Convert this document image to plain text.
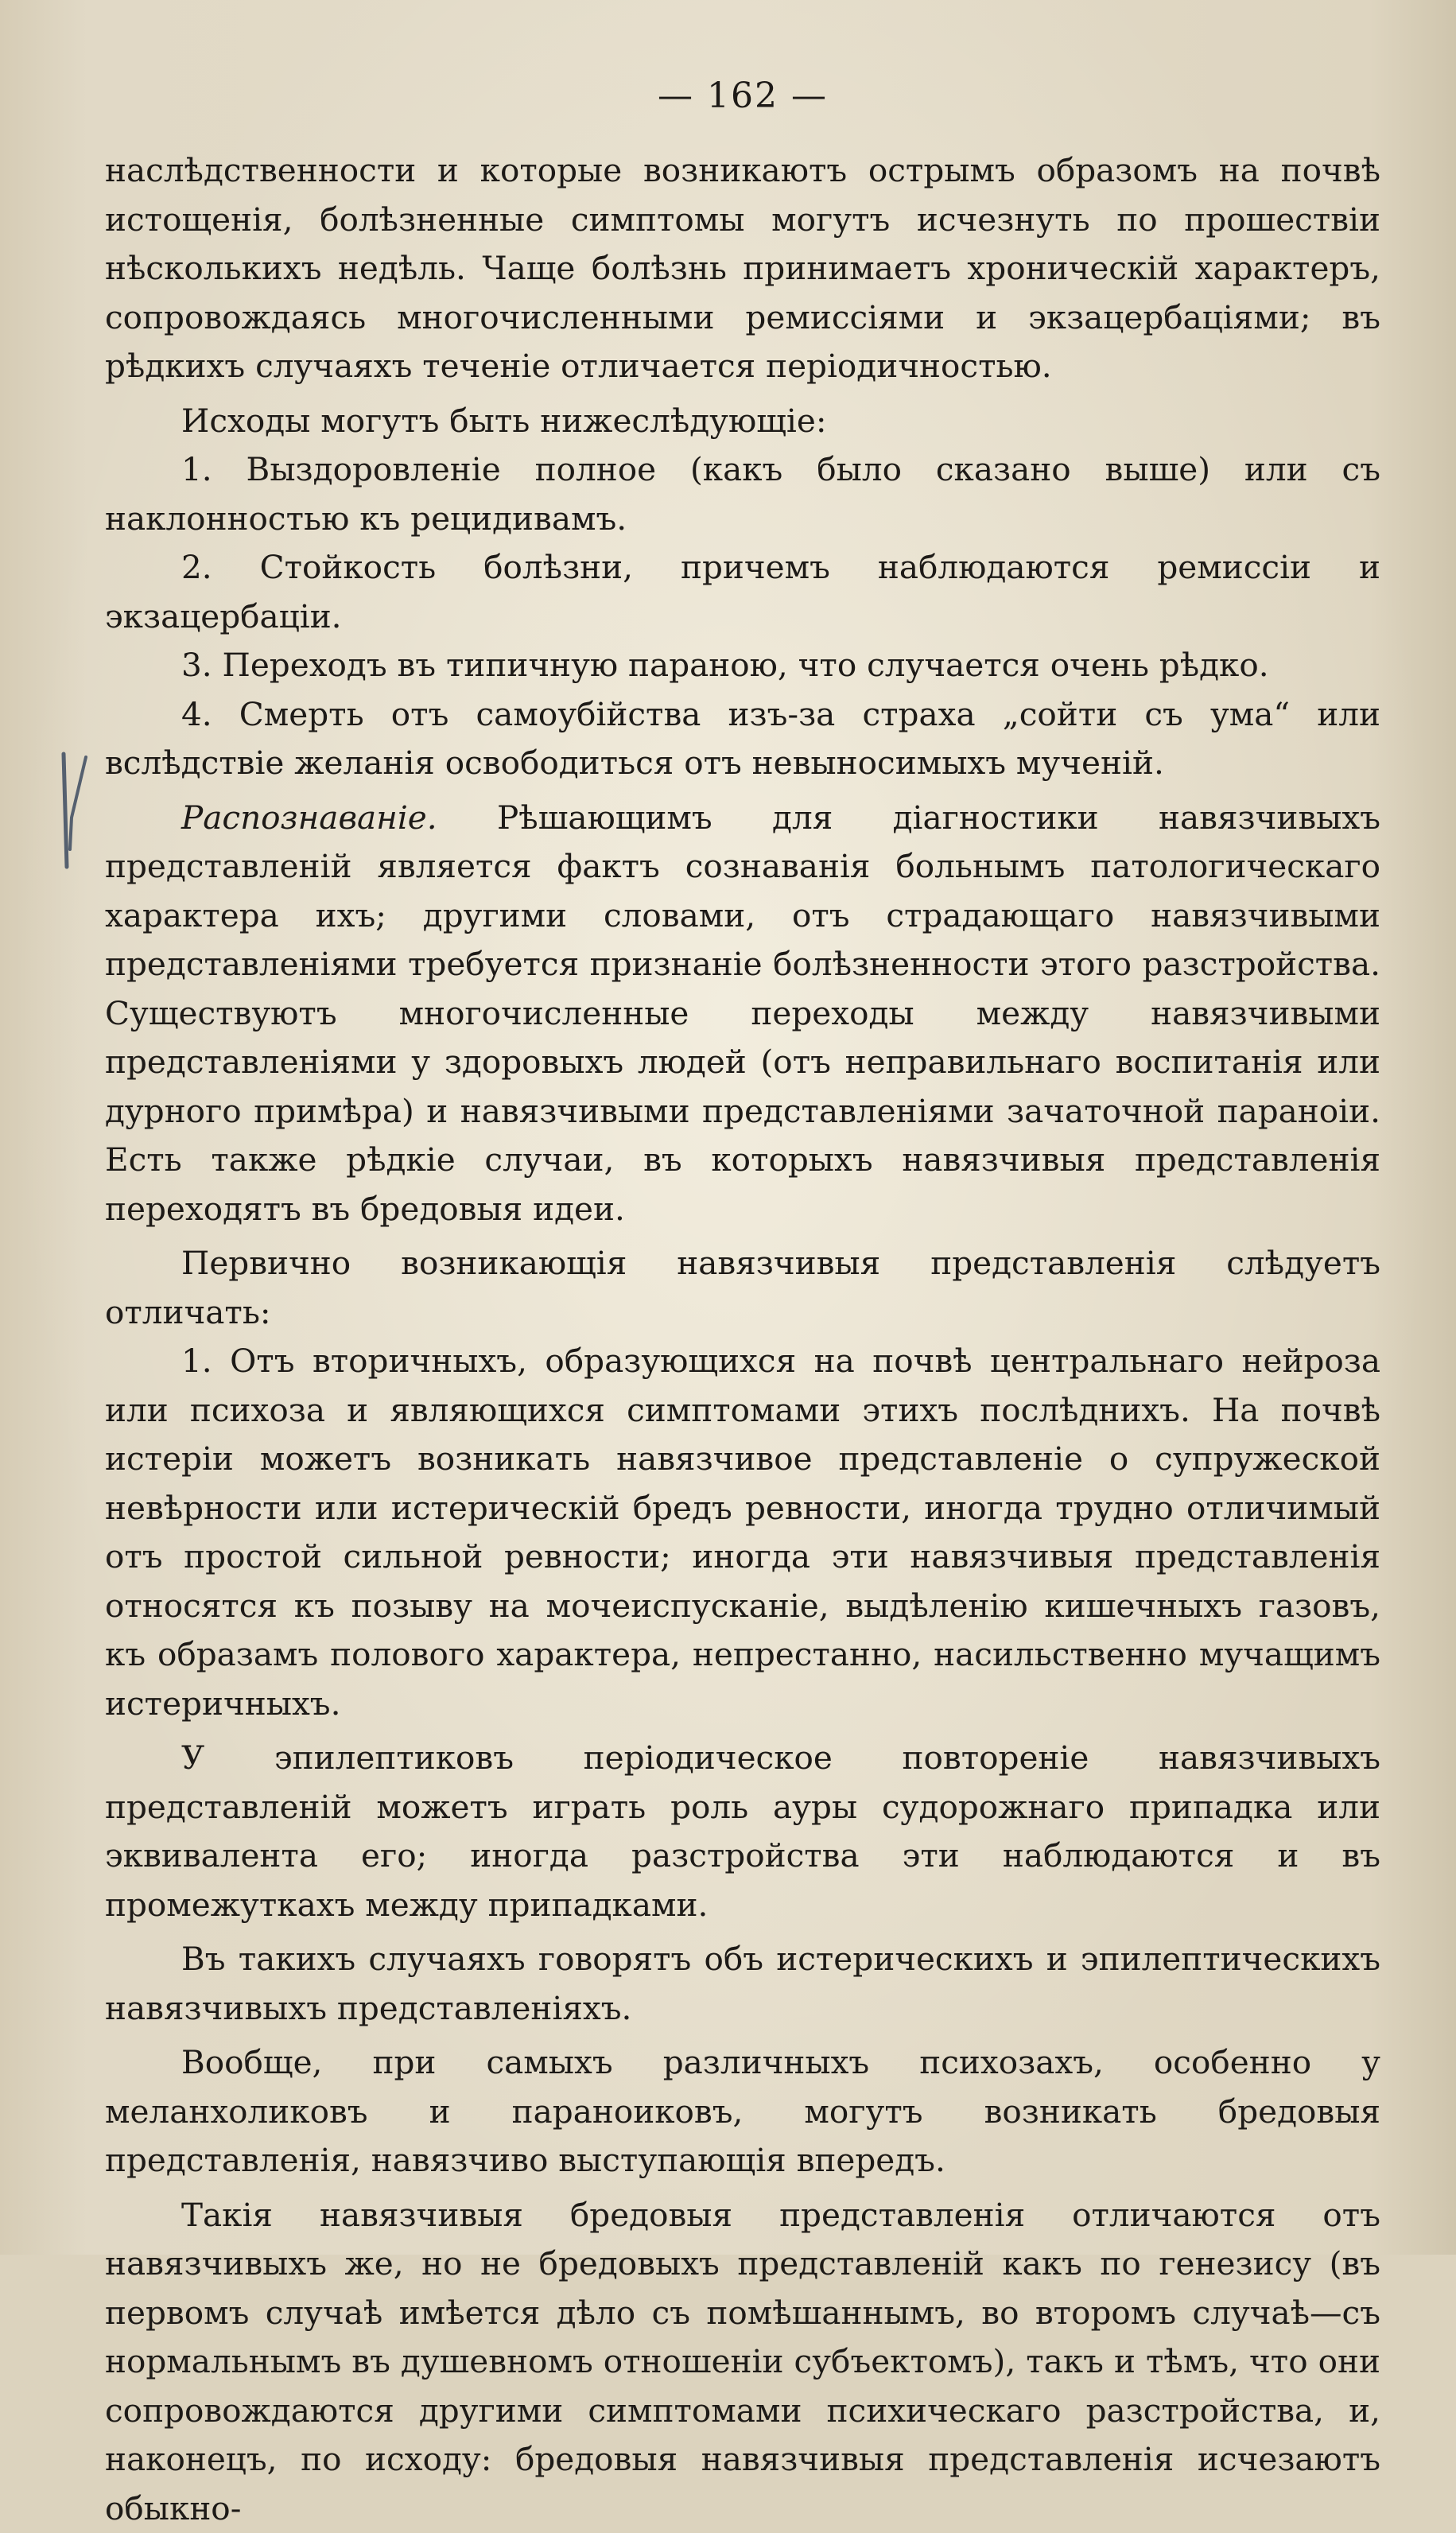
— 162 —

наслѣдственности и которые возникаютъ острымъ образомъ на почвѣ истощенія, болѣзненные симптомы могутъ исчезнуть по прошествіи нѣсколькихъ недѣль. Чаще болѣзнь принимаетъ хроническій характеръ, сопровождаясь многочисленными ремиссіями и экзацербаціями; въ рѣдкихъ случаяхъ теченіе отличается періодичностью.

Исходы могутъ быть нижеслѣдующіе:

1. Выздоровленіе полное (какъ было сказано выше) или съ наклонностью къ рецидивамъ.

2. Стойкость болѣзни, причемъ наблюдаются ремиссіи и экзацербаціи.

3. Переходъ въ типичную параною, что случается очень рѣдко.

4. Смерть отъ самоубійства изъ-за страха „сойти съ ума“ или вслѣдствіе желанія освободиться отъ невыносимыхъ мученій.

Распознаваніе. Рѣшающимъ для діагностики навязчивыхъ представленій является фактъ сознаванія больнымъ патологическаго характера ихъ; другими словами, отъ страдающаго навязчивыми представленіями требуется признаніе болѣзненности этого разстройства. Существуютъ многочисленные переходы между навязчивыми представленіями у здоровыхъ людей (отъ неправильнаго воспитанія или дурного примѣра) и навязчивыми представленіями зачаточной параноіи. Есть также рѣдкіе случаи, въ которыхъ навязчивыя представленія переходятъ въ бредовыя идеи.

Первично возникающія навязчивыя представленія слѣдуетъ отличать:

1. Отъ вторичныхъ, образующихся на почвѣ центральнаго нейроза или психоза и являющихся симптомами этихъ послѣднихъ. На почвѣ истеріи можетъ возникать навязчивое представленіе о супружеской невѣрности или истерическій бредъ ревности, иногда трудно отличимый отъ простой сильной ревности; иногда эти навязчивыя представленія относятся къ позыву на мочеиспусканіе, выдѣленію кишечныхъ газовъ, къ образамъ полового характера, непрестанно, насильственно мучащимъ истеричныхъ.

У эпилептиковъ періодическое повтореніе навязчивыхъ представленій можетъ играть роль ауры судорожнаго припадка или эквивалента его; иногда разстройства эти наблюдаются и въ промежуткахъ между припадками.

Въ такихъ случаяхъ говорятъ объ истерическихъ и эпилептическихъ навязчивыхъ представленіяхъ.

Вообще, при самыхъ различныхъ психозахъ, особенно у меланхоликовъ и параноиковъ, могутъ возникать бредовыя представленія, навязчиво выступающія впередъ.

Такія навязчивыя бредовыя представленія отличаются отъ навязчивыхъ же, но не бредовыхъ представленій какъ по генезису (въ первомъ случаѣ имѣется дѣло съ помѣшаннымъ, во второмъ случаѣ—съ нормальнымъ въ душевномъ отношеніи субъектомъ), такъ и тѣмъ, что они сопровождаются другими симптомами психическаго разстройства, и, наконецъ, по исходу: бредовыя навязчивыя представленія исчезаютъ обыкно-
